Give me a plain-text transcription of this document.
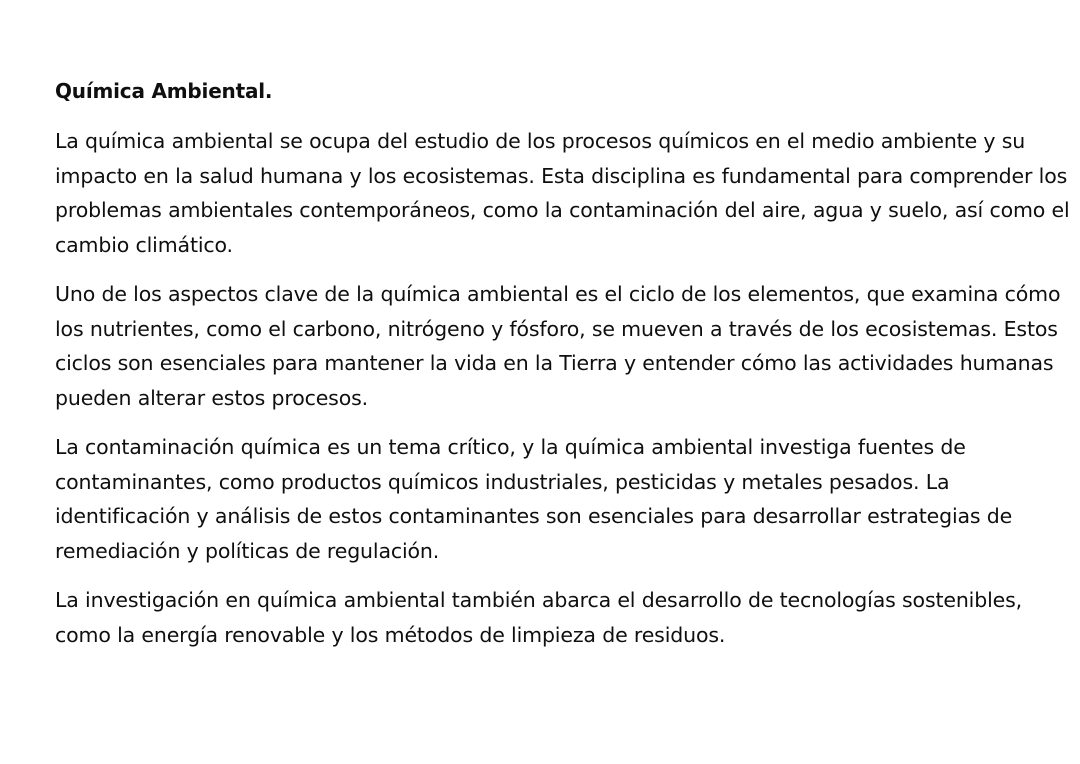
Química Ambiental.

La química ambiental se ocupa del estudio de los procesos químicos en el medio ambiente y su impacto en la salud humana y los ecosistemas. Esta disciplina es fundamental para comprender los problemas ambientales contemporáneos, como la contaminación del aire, agua y suelo, así como el cambio climático.

Uno de los aspectos clave de la química ambiental es el ciclo de los elementos, que examina cómo los nutrientes, como el carbono, nitrógeno y fósforo, se mueven a través de los ecosistemas. Estos ciclos son esenciales para mantener la vida en la Tierra y entender cómo las actividades humanas pueden alterar estos procesos.

La contaminación química es un tema crítico, y la química ambiental investiga fuentes de contaminantes, como productos químicos industriales, pesticidas y metales pesados. La identificación y análisis de estos contaminantes son esenciales para desarrollar estrategias de remediación y políticas de regulación.

La investigación en química ambiental también abarca el desarrollo de tecnologías sostenibles, como la energía renovable y los métodos de limpieza de residuos.
